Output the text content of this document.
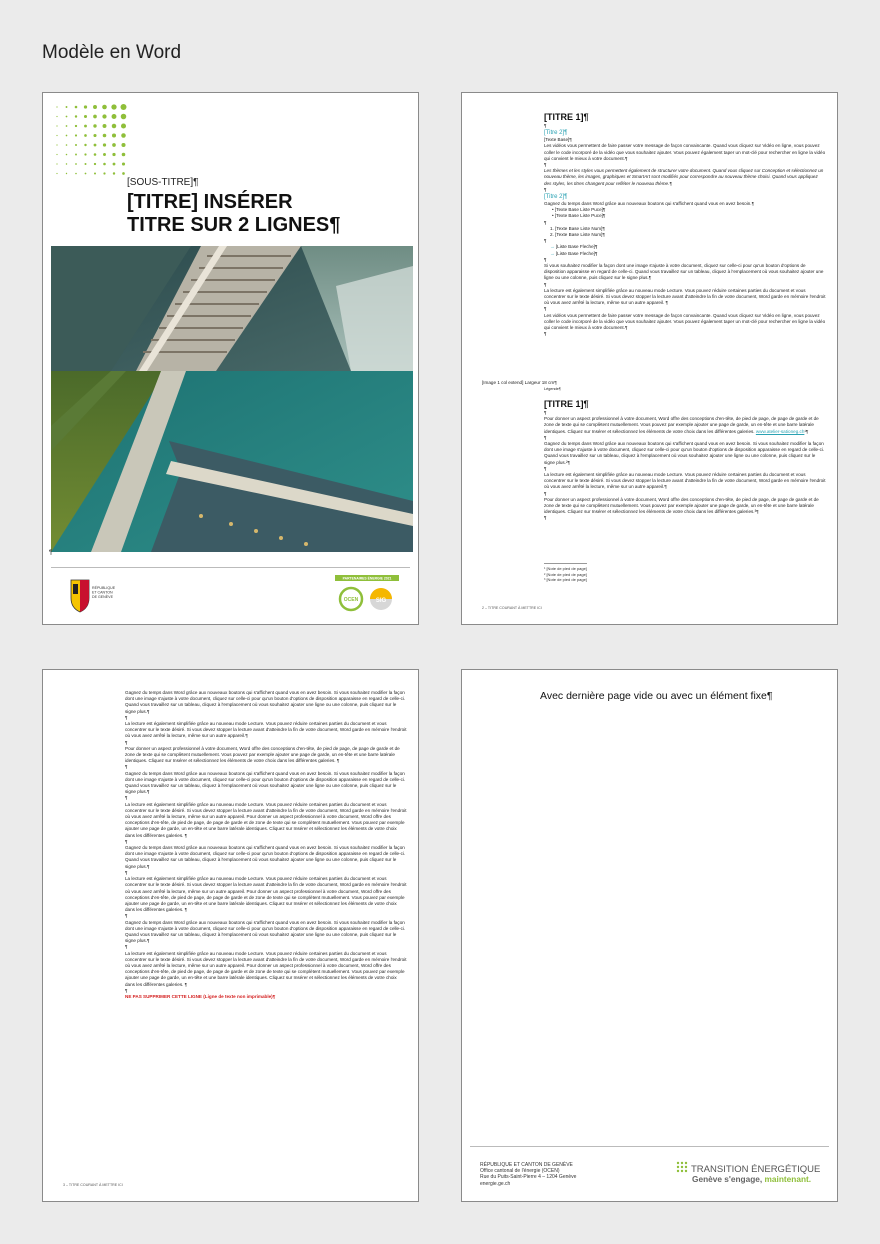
Modèle en Word
[SOUS-TITRE]¶
[TITRE] INSÉRER
TITRE SUR 2 LIGNES¶
¶
RÉPUBLIQUE
ET CANTON
DE GENÈVE
PARTENAIRES ÉNERGIE 2021
OCEN	SIG

[TITRE 1]¶

¶

[Titre 2]¶

[Texte Base]¶

Les vidéos vous permettent de faire passer votre message de façon convaincante. Quand vous cliquez sur Vidéo en ligne, vous pouvez coller le code incorporé de la vidéo que vous souhaitez ajouter. Vous pouvez également taper un mot-clé pour rechercher en ligne la vidéo qui convient le mieux à votre document.¶

¶

Les thèmes et les styles vous permettent également de structurer votre document. Quand vous cliquez sur Conception et sélectionnez un nouveau thème, les images, graphiques et SmartArt sont modifiés pour correspondre au nouveau thème choisi. Quand vous appliquez des styles, les titres changent pour refléter le nouveau thème.¶

¶

[Titre 2]¶

Gagnez du temps dans Word grâce aux nouveaux boutons qui s'affichent quand vous en avez besoin.¶

• [Texte Base Liste Puce]¶

• [Texte Base Liste Puce]¶

¶

1. [Texte Base Liste Num]¶

2. [Texte Base Liste Num]¶

¶

→ [Liste Base Fleche]¶

→ [Liste Base Fleche]¶

¶

Si vous souhaitez modifier la façon dont une image s'ajuste à votre document, cliquez sur celle-ci pour qu'un bouton d'options de disposition apparaisse en regard de celle-ci. Quand vous travaillez sur un tableau, cliquez à l'emplacement où vous souhaitez ajouter une ligne ou une colonne, puis cliquez sur le signe plus.¶

¶

La lecture est également simplifiée grâce au nouveau mode Lecture. Vous pouvez réduire certaines parties du document et vous concentrer sur le texte désiré. Si vous devez stopper la lecture avant d'atteindre la fin de votre document, Word garde en mémoire l'endroit où vous avez arrêté la lecture, même sur un autre appareil. ¶

¶

Les vidéos vous permettent de faire passer votre message de façon convaincante. Quand vous cliquez sur Vidéo en ligne, vous pouvez coller le code incorporé de la vidéo que vous souhaitez ajouter. Vous pouvez également taper un mot-clé pour rechercher en ligne la vidéo qui convient le mieux à votre document.¶

¶

[Image 1 col extend] Largeur 18 cm¶
Légende¶

[TITRE 1]¶

¶

Pour donner un aspect professionnel à votre document, Word offre des conceptions d'en-tête, de pied de page, de page de garde et de zone de texte qui se complètent mutuellement. Vous pouvez par exemple ajouter une page de garde, un en-tête et une barre latérale identiques. Cliquez sur Insérer et sélectionnez les éléments de votre choix dans les différentes galeries. www.atelier-sationeg.ch¹¶

¶

Gagnez du temps dans Word grâce aux nouveaux boutons qui s'affichent quand vous en avez besoin. Si vous souhaitez modifier la façon dont une image s'ajuste à votre document, cliquez sur celle-ci pour qu'un bouton d'options de disposition apparaisse en regard de celle-ci. Quand vous travaillez sur un tableau, cliquez à l'emplacement où vous souhaitez ajouter une ligne ou une colonne, puis cliquez sur le signe plus.²¶

¶

La lecture est également simplifiée grâce au nouveau mode Lecture. Vous pouvez réduire certaines parties du document et vous concentrer sur le texte désiré. Si vous devez stopper la lecture avant d'atteindre la fin de votre document, Word garde en mémoire l'endroit où vous avez arrêté la lecture, même sur un autre appareil.¶

¶

Pour donner un aspect professionnel à votre document, Word offre des conceptions d'en-tête, de pied de page, de page de garde et de zone de texte qui se complètent mutuellement. Vous pouvez par exemple ajouter une page de garde, un en-tête et une barre latérale identiques. Cliquez sur Insérer et sélectionnez les éléments de votre choix dans les différentes galeries.³¶

¶

¹ [Note de pied de page]

² [Note de pied de page]

³ [Note de pied de page]

2 – TITRE COURANT À METTRE ICI

Gagnez du temps dans Word grâce aux nouveaux boutons qui s'affichent quand vous en avez besoin. Si vous souhaitez modifier la façon dont une image s'ajuste à votre document, cliquez sur celle-ci pour qu'un bouton d'options de disposition apparaisse en regard de celle-ci. Quand vous travaillez sur un tableau, cliquez à l'emplacement où vous souhaitez ajouter une ligne ou une colonne, puis cliquez sur le signe plus.¶

¶

La lecture est également simplifiée grâce au nouveau mode Lecture. Vous pouvez réduire certaines parties du document et vous concentrer sur le texte désiré. Si vous devez stopper la lecture avant d'atteindre la fin de votre document, Word garde en mémoire l'endroit où vous avez arrêté la lecture, même sur un autre appareil.¶

¶

Pour donner un aspect professionnel à votre document, Word offre des conceptions d'en-tête, de pied de page, de page de garde et de zone de texte qui se complètent mutuellement. Vous pouvez par exemple ajouter une page de garde, un en-tête et une barre latérale identiques. Cliquez sur Insérer et sélectionnez les éléments de votre choix dans les différentes galeries. ¶

¶

Gagnez du temps dans Word grâce aux nouveaux boutons qui s'affichent quand vous en avez besoin. Si vous souhaitez modifier la façon dont une image s'ajuste à votre document, cliquez sur celle-ci pour qu'un bouton d'options de disposition apparaisse en regard de celle-ci. Quand vous travaillez sur un tableau, cliquez à l'emplacement où vous souhaitez ajouter une ligne ou une colonne, puis cliquez sur le signe plus.¶

¶

La lecture est également simplifiée grâce au nouveau mode Lecture. Vous pouvez réduire certaines parties du document et vous concentrer sur le texte désiré. Si vous devez stopper la lecture avant d'atteindre la fin de votre document, Word garde en mémoire l'endroit où vous avez arrêté la lecture, même sur un autre appareil. Pour donner un aspect professionnel à votre document, Word offre des conceptions d'en-tête, de pied de page, de page de garde et de zone de texte qui se complètent mutuellement. Vous pouvez par exemple ajouter une page de garde, un en-tête et une barre latérale identiques. Cliquez sur Insérer et sélectionnez les éléments de votre choix dans les différentes galeries. ¶

¶

Gagnez du temps dans Word grâce aux nouveaux boutons qui s'affichent quand vous en avez besoin. Si vous souhaitez modifier la façon dont une image s'ajuste à votre document, cliquez sur celle-ci pour qu'un bouton d'options de disposition apparaisse en regard de celle-ci. Quand vous travaillez sur un tableau, cliquez à l'emplacement où vous souhaitez ajouter une ligne ou une colonne, puis cliquez sur le signe plus.¶

¶

La lecture est également simplifiée grâce au nouveau mode Lecture. Vous pouvez réduire certaines parties du document et vous concentrer sur le texte désiré. Si vous devez stopper la lecture avant d'atteindre la fin de votre document, Word garde en mémoire l'endroit où vous avez arrêté la lecture, même sur un autre appareil. Pour donner un aspect professionnel à votre document, Word offre des conceptions d'en-tête, de pied de page, de page de garde et de zone de texte qui se complètent mutuellement. Vous pouvez par exemple ajouter une page de garde, un en-tête et une barre latérale identiques. Cliquez sur Insérer et sélectionnez les éléments de votre choix dans les différentes galeries. ¶

¶

Gagnez du temps dans Word grâce aux nouveaux boutons qui s'affichent quand vous en avez besoin. Si vous souhaitez modifier la façon dont une image s'ajuste à votre document, cliquez sur celle-ci pour qu'un bouton d'options de disposition apparaisse en regard de celle-ci. Quand vous travaillez sur un tableau, cliquez à l'emplacement où vous souhaitez ajouter une ligne ou une colonne, puis cliquez sur le signe plus.¶

¶

La lecture est également simplifiée grâce au nouveau mode Lecture. Vous pouvez réduire certaines parties du document et vous concentrer sur le texte désiré. Si vous devez stopper la lecture avant d'atteindre la fin de votre document, Word garde en mémoire l'endroit où vous avez arrêté la lecture, même sur un autre appareil. Pour donner un aspect professionnel à votre document, Word offre des conceptions d'en-tête, de pied de page, de page de garde et de zone de texte qui se complètent mutuellement. Vous pouvez par exemple ajouter une page de garde, un en-tête et une barre latérale identiques. Cliquez sur Insérer et sélectionnez les éléments de votre choix dans les différentes galeries. ¶

¶

NE PAS SUPPRIMER CETTE LIGNE (Ligne de texte non imprimable)¶

3 – TITRE COURANT À METTRE ICI
Avec dernière page vide ou avec un élément fixe¶
RÉPUBLIQUE ET CANTON DE GENÈVE
Office cantonal de l'énergie (OCEN)
Rue du Puits-Saint-Pierre 4 – 1204 Genève
energie.ge.ch
TRANSITION ÉNERGÉTIQUE
Genève s'engage, maintenant.
